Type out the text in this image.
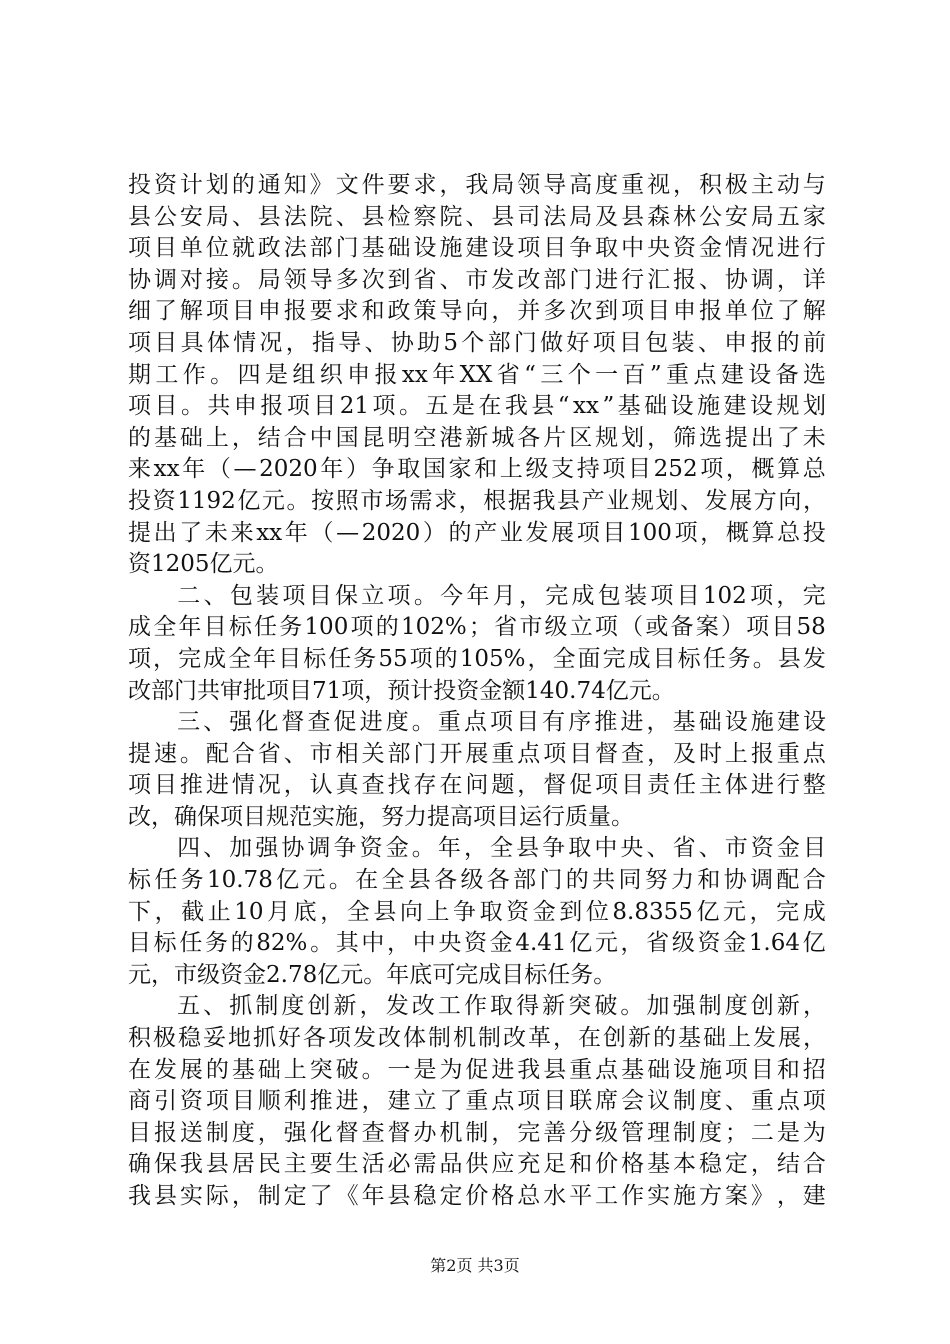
投 资 计 划 的 通 知 》 文 件 要 求 ， 我 局 领 导 高 度 重 视 ， 积 极 主 动 与
县 公 安 局 、 县 法 院 、 县 检 察 院 、 县 司 法 局 及 县 森 林 公 安 局 五 家
项 目 单 位 就 政 法 部 门 基 础 设 施 建 设 项 目 争 取 中 央 资 金 情 况 进 行
协 调 对 接 。 局 领 导 多 次 到 省 、 市 发 改 部 门 进 行 汇 报 、 协 调 ， 详
细 了 解 项 目 申 报 要 求 和 政 策 导 向 ， 并 多 次 到 项 目 申 报 单 位 了 解
项 目 具 体 情 况 ， 指 导 、 协 助 5 个 部 门 做 好 项 目 包 装 、 申 报 的 前
期 工 作 。 四 是 组 织 申 报 xx 年 XX 省 “ 三 个 一 百 ” 重 点 建 设 备 选
项 目 。 共 申 报 项 目 21 项 。 五 是 在 我 县 “ xx ” 基 础 设 施 建 设 规 划
的 基 础 上 ， 结 合 中 国 昆 明 空 港 新 城 各 片 区 规 划 ， 筛 选 提 出 了 未
来 xx 年 （ — 2020 年 ） 争 取 国 家 和 上 级 支 持 项 目 252 项 ， 概 算 总
投 资 1192 亿 元 。 按 照 市 场 需 求 ， 根 据 我 县 产 业 规 划 、 发 展 方 向 ，
提 出 了 未 来 xx 年 （ — 2020 ） 的 产 业 发 展 项 目 100 项 ， 概 算 总 投
资1205亿元。

二 、 包 装 项 目 保 立 项 。 今 年 月 ， 完 成 包 装 项 目 102 项 ， 完
成 全 年 目 标 任 务 100 项 的 102% ； 省 市 级 立 项 （ 或 备 案 ） 项 目 58
项 ， 完 成 全 年 目 标 任 务 55 项 的 105% ， 全 面 完 成 目 标 任 务 。 县 发
改部门共审批项目71项，预计投资金额140.74亿元。

三 、 强 化 督 查 促 进 度 。 重 点 项 目 有 序 推 进 ， 基 础 设 施 建 设
提 速 。 配 合 省 、 市 相 关 部 门 开 展 重 点 项 目 督 查 ， 及 时 上 报 重 点
项 目 推 进 情 况 ， 认 真 查 找 存 在 问 题 ， 督 促 项 目 责 任 主 体 进 行 整
改，确保项目规范实施，努力提高项目运行质量。

四 、 加 强 协 调 争 资 金 。 年 ， 全 县 争 取 中 央 、 省 、 市 资 金 目
标 任 务 10.78 亿 元 。 在 全 县 各 级 各 部 门 的 共 同 努 力 和 协 调 配 合
下 ， 截 止 10 月 底 ， 全 县 向 上 争 取 资 金 到 位 8.8355 亿 元 ， 完 成
目 标 任 务 的 82% 。 其 中 ， 中 央 资 金 4.41 亿 元 ， 省 级 资 金 1.64 亿
元，市级资金2.78亿元。年底可完成目标任务。

五 、 抓 制 度 创 新 ， 发 改 工 作 取 得 新 突 破 。 加 强 制 度 创 新 ，
积 极 稳 妥 地 抓 好 各 项 发 改 体 制 机 制 改 革 ， 在 创 新 的 基 础 上 发 展 ，
在 发 展 的 基 础 上 突 破 。 一 是 为 促 进 我 县 重 点 基 础 设 施 项 目 和 招
商 引 资 项 目 顺 利 推 进 ， 建 立 了 重 点 项 目 联 席 会 议 制 度 、 重 点 项
目 报 送 制 度 ， 强 化 督 查 督 办 机 制 ， 完 善 分 级 管 理 制 度 ； 二 是 为
确 保 我 县 居 民 主 要 生 活 必 需 品 供 应 充 足 和 价 格 基 本 稳 定 ， 结 合
我 县 实 际 ， 制 定 了 《 年 县 稳 定 价 格 总 水 平 工 作 实 施 方 案 》 ， 建
第2页 共3页
